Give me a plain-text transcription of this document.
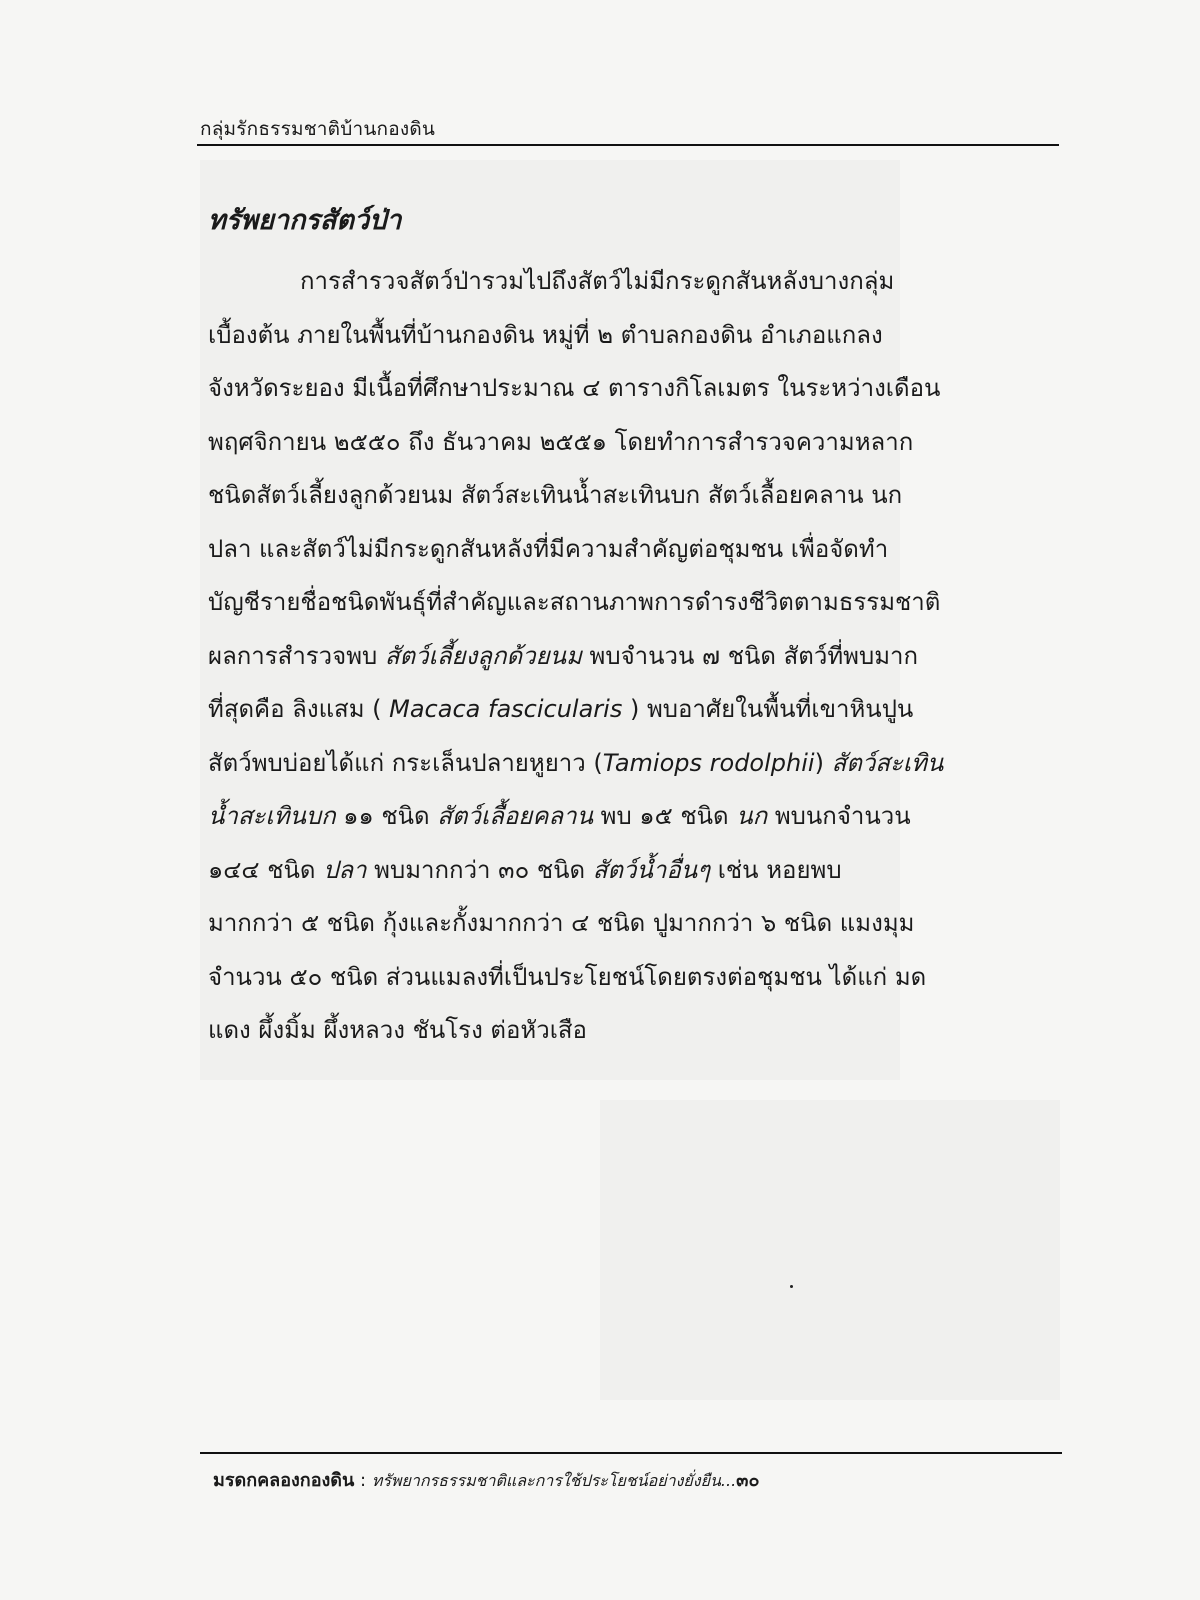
กลุ่มรักธรรมชาติบ้านกองดิน
ทรัพยากรสัตว์ป่า
การสำรวจสัตว์ป่ารวมไปถึงสัตว์ไม่มีกระดูกสันหลังบางกลุ่ม
เบื้องต้น ภายในพื้นที่บ้านกองดิน หมู่ที่ ๒ ตำบลกองดิน อำเภอแกลง
จังหวัดระยอง มีเนื้อที่ศึกษาประมาณ ๔ ตารางกิโลเมตร ในระหว่างเดือน
พฤศจิกายน ๒๕๕๐ ถึง ธันวาคม ๒๕๕๑ โดยทำการสำรวจความหลาก
ชนิดสัตว์เลี้ยงลูกด้วยนม สัตว์สะเทินน้ำสะเทินบก สัตว์เลื้อยคลาน นก
ปลา และสัตว์ไม่มีกระดูกสันหลังที่มีความสำคัญต่อชุมชน เพื่อจัดทำ
บัญชีรายชื่อชนิดพันธุ์ที่สำคัญและสถานภาพการดำรงชีวิตตามธรรมชาติ
ผลการสำรวจพบ สัตว์เลี้ยงลูกด้วยนม พบจำนวน ๗ ชนิด สัตว์ที่พบมาก
ที่สุดคือ ลิงแสม ( Macaca fascicularis ) พบอาศัยในพื้นที่เขาหินปูน
สัตว์พบบ่อยได้แก่ กระเล็นปลายหูยาว (Tamiops rodolphii) สัตว์สะเทิน
น้ำสะเทินบก ๑๑ ชนิด สัตว์เลื้อยคลาน พบ ๑๕ ชนิด นก พบนกจำนวน
๑๔๔ ชนิด ปลา พบมากกว่า ๓๐ ชนิด สัตว์น้ำอื่นๆ เช่น หอยพบ
มากกว่า ๕ ชนิด กุ้งและกั้งมากกว่า ๔ ชนิด ปูมากกว่า ๖ ชนิด แมงมุม
จำนวน ๕๐ ชนิด ส่วนแมลงที่เป็นประโยชน์โดยตรงต่อชุมชน ได้แก่ มด
แดง ผึ้งมิ้ม ผึ้งหลวง ชันโรง ต่อหัวเสือ
มรดกคลองกองดิน : ทรัพยากรธรรมชาติและการใช้ประโยชน์อย่างยั่งยืน...๓๐
